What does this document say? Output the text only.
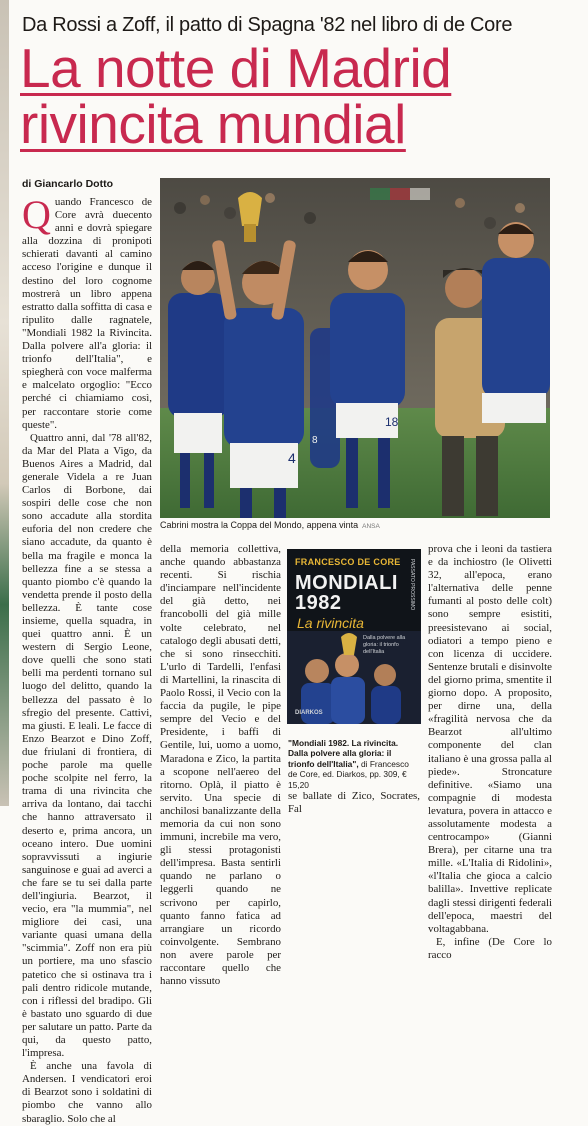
Da Rossi a Zoff, il patto di Spagna '82 nel libro di de Core
La notte di Madrid
rivincita mundial
di Giancarlo Dotto

Q uando Francesco de Core avrà duecento anni e dovrà spiegare alla dozzina di pronipoti schierati davanti al camino acceso l'origine e dunque il destino del loro cognome mostrerà un libro appena estratto dalla soffitta di casa e ripulito dalle ragnatele, "Mondiali 1982 la Rivincita. Dalla polvere all'a gloria: il trionfo dell'Italia", e spiegherà con voce malferma e malcelato orgoglio: "Ecco perché ci chiamiamo così, per raccontare storie come queste".

Quattro anni, dal '78 all'82, da Mar del Plata a Vigo, da Buenos Aires a Madrid, dal generale Videla a re Juan Carlos di Borbone, dai sospiri delle cose che non sono accadute alla stordita euforia del non credere che siano accadute, da quanto è bella ma fragile e monca la bellezza fine a se stessa a quanto piombo c'è quando la vendetta prende il posto della bellezza. È tante cose insieme, quella squadra, in quei quattro anni. È un western di Sergio Leone, dove quelli che sono stati belli ma perdenti tornano sul luogo del delitto, quando la bellezza del passato è lo sfregio del presente. Cattivi, ma giusti. E leali. Le facce di Enzo Bearzot e Dino Zoff, due friulani di frontiera, di poche parole ma quelle poche scolpite nel ferro, la trama di una rivincita che arriva da lontano, dai tacchi che hanno attraversato il deserto e, prima ancora, un oceano intero. Due uomini sopravvissuti a ingiurie sanguinose e guai ad averci a che fare se tu sei dalla parte dell'ingiuria. Bearzot, il vecio, era "la mummia", nel migliore dei casi, una variante quasi umana della "scimmia". Zoff non era più un portiere, ma uno sfascio patetico che si ostinava tra i pali dentro ridicole mutande, con i riflessi del bradipo. Gli è bastato uno sguardo di due per salutare un patto. Parte da qui, da questo patto, l'impresa.

È anche una favola di Andersen. I vendicatori eroi di Bearzot sono i soldatini di piombo che vanno allo sbaraglio. Solo che al

4
8
18
Cabrini mostra la Coppa del Mondo, appena vinta ANSA

della memoria collettiva, anche quando abbastanza recenti. Si rischia d'inciampare nell'incidente del già detto, nei francobolli del già mille volte celebrato, nel catalogo degli abusati detti, che si sono rinsecchiti. L'urlo di Tardelli, l'enfasi di Martellini, la rinascita di Paolo Rossi, il Vecio con la faccia da pugile, le pipe sempre del Vecio e del Presidente, i baffi di Gentile, lui, uomo a uomo, Maradona e Zico, la partita a scopone nell'aereo del ritorno. Oplà, il piatto è servito. Una specie di anchilosi banalizzante della memoria da cui non sono immuni, increbile ma vero, gli stessi protagonisti dell'impresa. Basta sentirli quando ne parlano o leggerli quando ne scrivono per capirlo, quanto fanno fatica ad arrangiare un ricordo coinvolgente. Sembrano non avere parole per raccontare quello che hanno vissuto

FRANCESCO DE CORE
MONDIALI
1982
La rivincita
Dalla polvere alla gloria: il trionfo dell'Italia
PASSATO PROSSIMO
DIARKOS
"Mondiali 1982. La rivincita. Dalla polvere alla gloria: il trionfo dell'Italia", di Francesco de Core, ed. Diarkos, pp. 309, € 15,20
se ballate di Zico, Socrates, Fal

prova che i leoni da tastiera e da inchiostro (le Olivetti 32, all'epoca, erano l'alternativa delle penne fumanti al posto delle colt) sono sempre esistiti, preesistevano ai social, odiatori a tempo pieno e con licenza di uccidere. Sentenze brutali e disinvolte del giorno prima, smentite il giorno dopo. A proposito, per dirne una, della «fragilità nervosa che da Bearzot all'ultimo componente del clan italiano è una grossa palla al piede». Stroncature definitive. «Siamo una compagnie di modesta levatura, povera in attacco e assolutamente modesta a centrocampo» (Gianni Brera), per citarne una tra mille. «L'Italia di Ridolini», «l'Italia che gioca a calcio balilla». Invettive replicate dagli stessi dirigenti federali dell'epoca, maestri del voltagabbana.

E, infine (De Core lo racco
